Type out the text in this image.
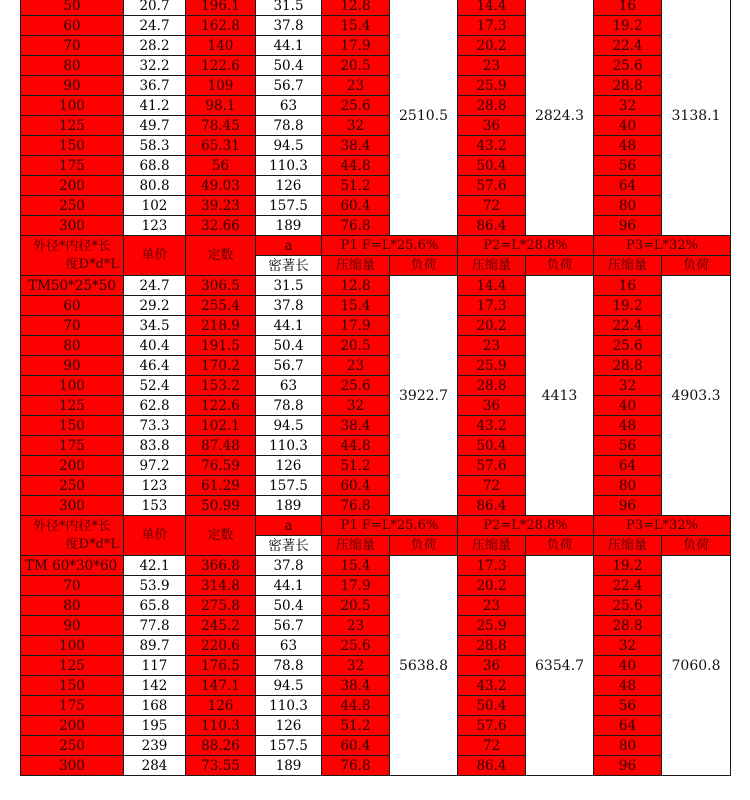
50	20.7	196.1	31.5	12.8	2510.5	14.4	2824.3	16	3138.1
60	24.7	162.8	37.8	15.4		17.3		19.2	
70	28.2	140	44.1	17.9		20.2		22.4	
80	32.2	122.6	50.4	20.5		23		25.6	
90	36.7	109	56.7	23		25.9		28.8	
100	41.2	98.1	63	25.6		28.8		32	
125	49.7	78.45	78.8	32		36		40	
150	58.3	65.31	94.5	38.4		43.2		48	
175	68.8	56	110.3	44.8		50.4		56	
200	80.8	49.03	126	51.2		57.6		64	
250	102	39.23	157.5	60.4		72		80	
300	123	32.66	189	76.8		86.4		96	

外径*内径*长
度D*d*L	单价	定数	a	P1 F=L*25.6%		P2=L*28.8%		P3=L*32%	
			密著长	压缩量	负荷	压缩量	负荷	压缩量	负荷
TM50*25*50	24.7	306.5	31.5	12.8	3922.7	14.4	4413	16	4903.3
60	29.2	255.4	37.8	15.4		17.3		19.2	
70	34.5	218.9	44.1	17.9		20.2		22.4	
80	40.4	191.5	50.4	20.5		23		25.6	
90	46.4	170.2	56.7	23		25.9		28.8	
100	52.4	153.2	63	25.6		28.8		32	
125	62.8	122.6	78.8	32		36		40	
150	73.3	102.1	94.5	38.4		43.2		48	
175	83.8	87.48	110.3	44.8		50.4		56	
200	97.2	76.59	126	51.2		57.6		64	
250	123	61.29	157.5	60.4		72		80	
300	153	50.99	189	76.8		86.4		96	

外径*内径*长
度D*d*L	单价	定数	a	P1 F=L*25.6%		P2=L*28.8%		P3=L*32%	
			密著长	压缩量	负荷	压缩量	负荷	压缩量	负荷
TM 60*30*60	42.1	366.8	37.8	15.4	5638.8	17.3	6354.7	19.2	7060.8
70	53.9	314.8	44.1	17.9		20.2		22.4	
80	65.8	275.8	50.4	20.5		23		25.6	
90	77.8	245.2	56.7	23		25.9		28.8	
100	89.7	220.6	63	25.6		28.8		32	
125	117	176.5	78.8	32		36		40	
150	142	147.1	94.5	38.4		43.2		48	
175	168	126	110.3	44.8		50.4		56	
200	195	110.3	126	51.2		57.6		64	
250	239	88.26	157.5	60.4		72		80	
300	284	73.55	189	76.8		86.4		96	
